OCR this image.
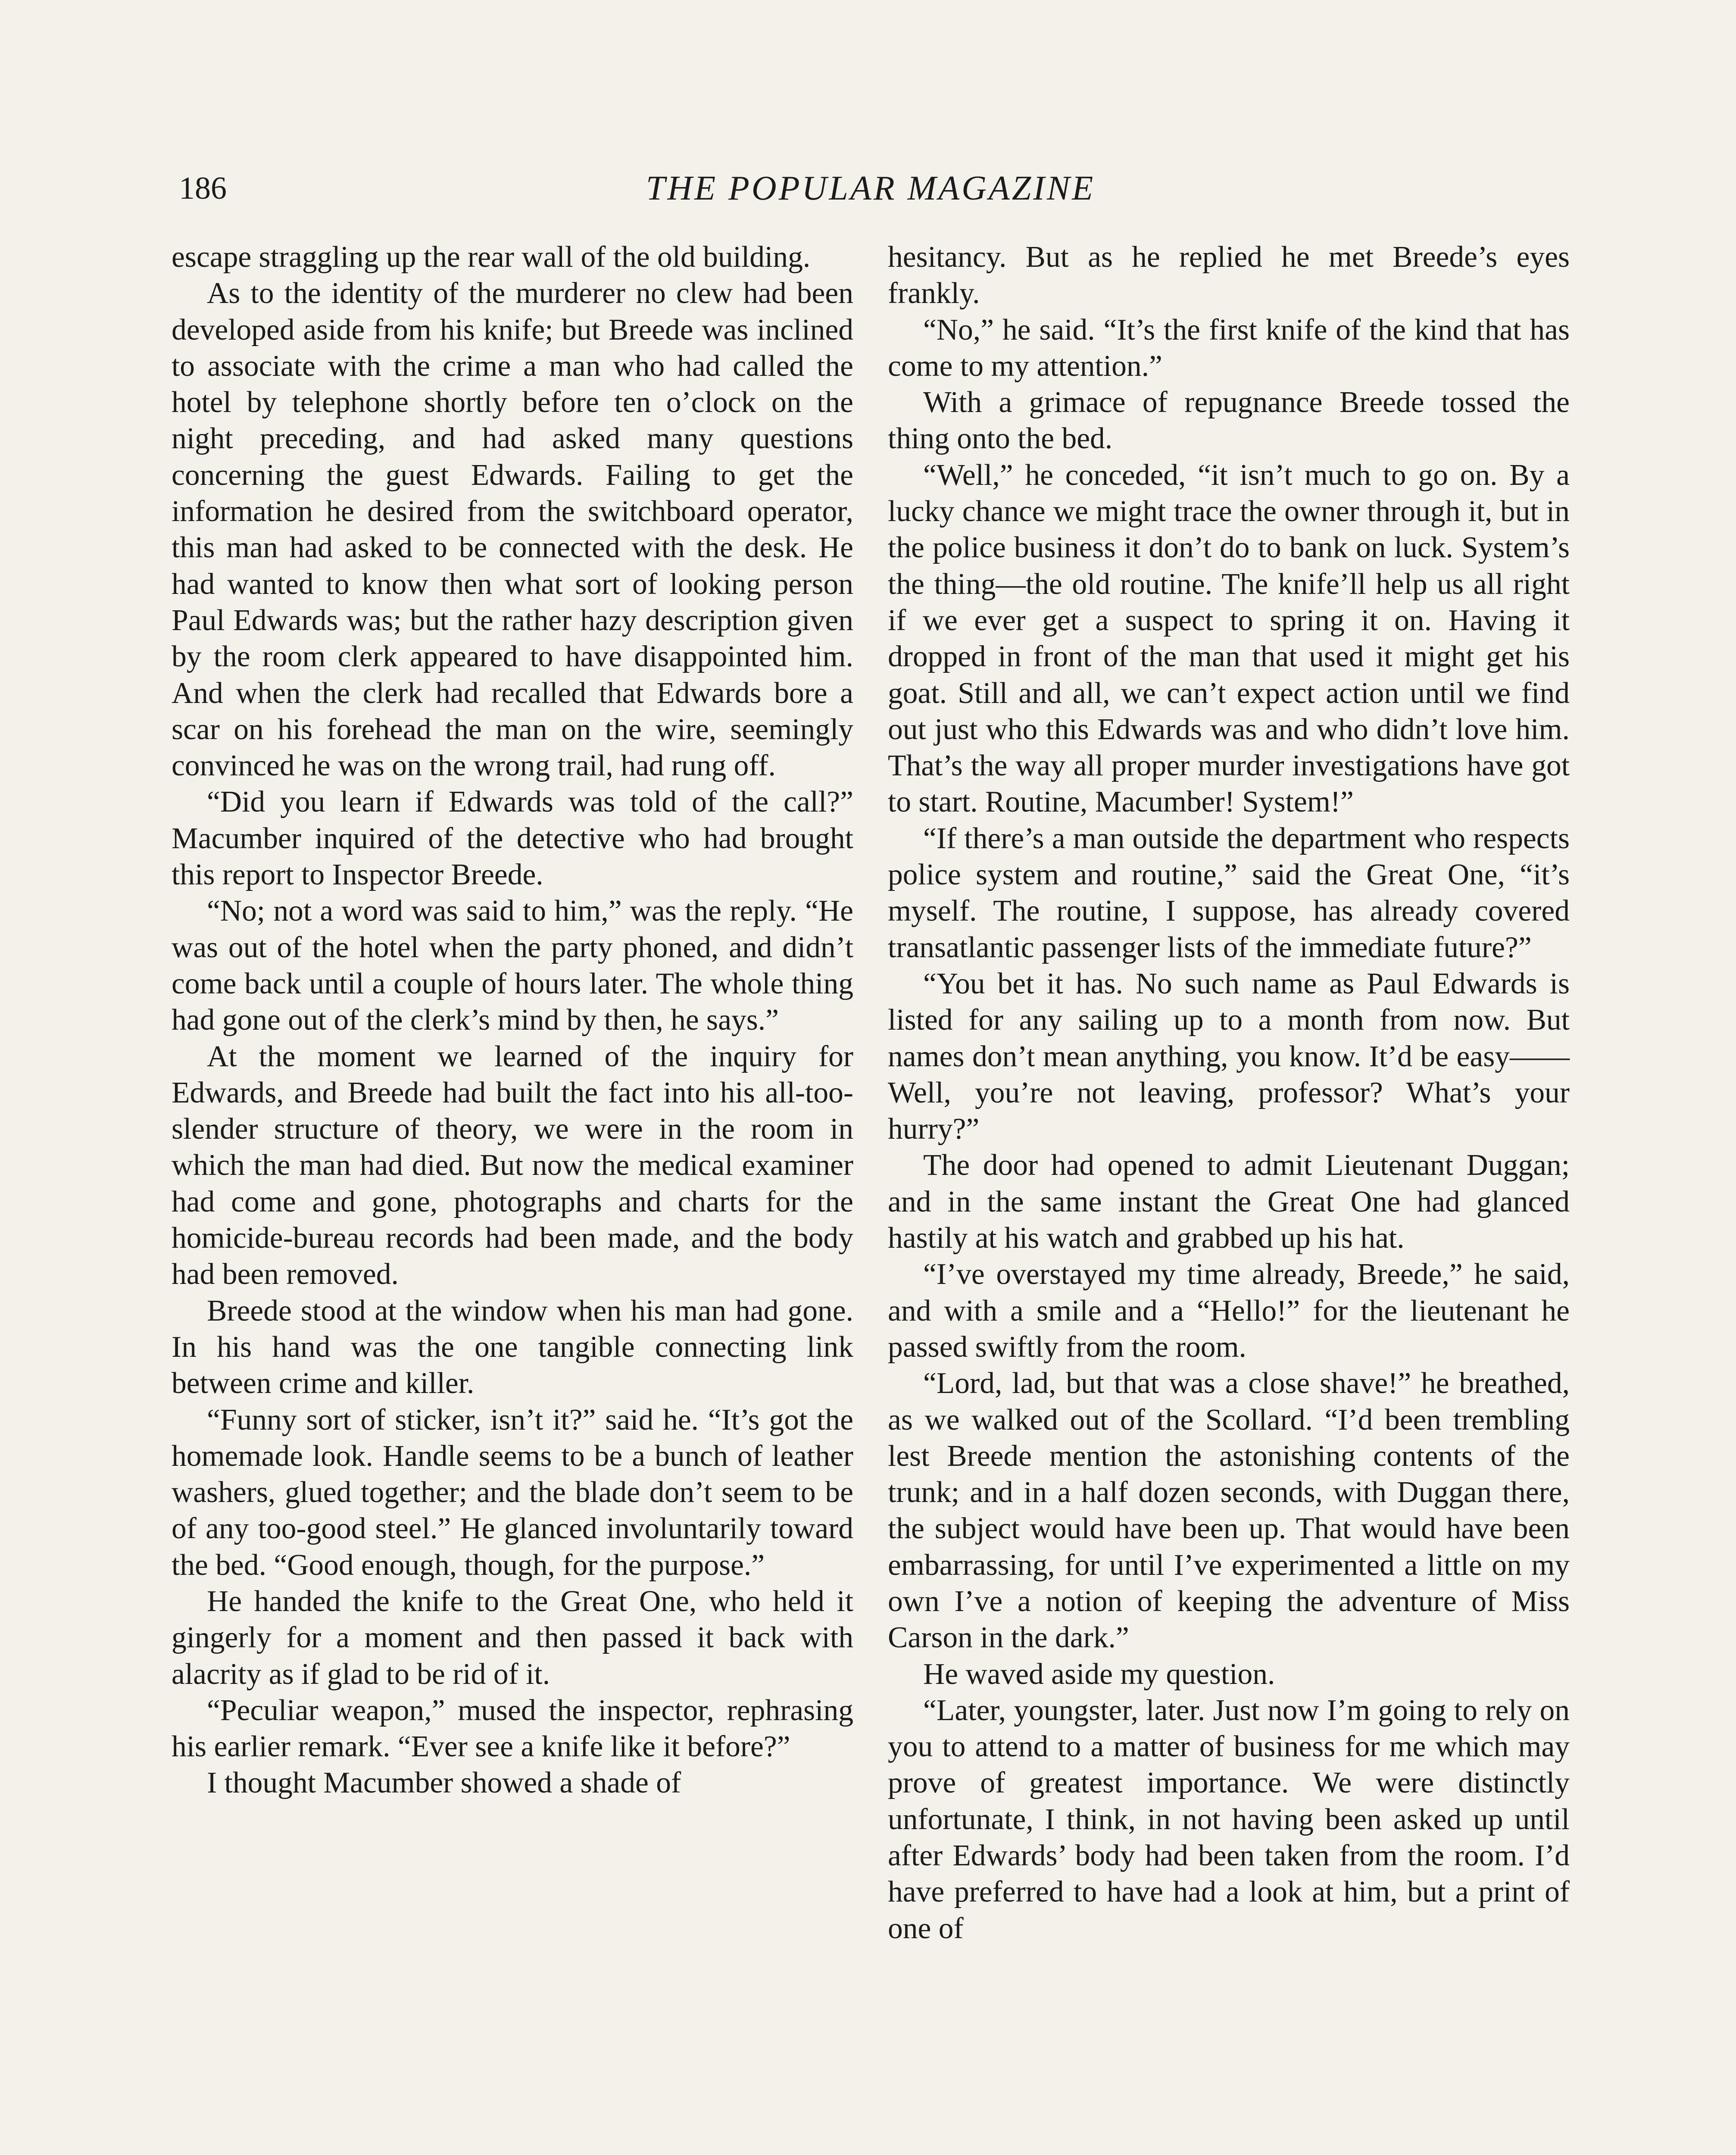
186	THE POPULAR MAGAZINE

escape straggling up the rear wall of the old building.

As to the identity of the murderer no clew had been developed aside from his knife; but Breede was inclined to associate with the crime a man who had called the hotel by telephone shortly before ten o’clock on the night preceding, and had asked many questions concerning the guest Edwards. Failing to get the information he desired from the switchboard operator, this man had asked to be connected with the desk. He had wanted to know then what sort of looking person Paul Edwards was; but the rather hazy description given by the room clerk appeared to have disappointed him. And when the clerk had recalled that Edwards bore a scar on his forehead the man on the wire, seemingly convinced he was on the wrong trail, had rung off.

“Did you learn if Edwards was told of the call?” Macumber inquired of the detective who had brought this report to Inspector Breede.

“No; not a word was said to him,” was the reply. “He was out of the hotel when the party phoned, and didn’t come back until a couple of hours later. The whole thing had gone out of the clerk’s mind by then, he says.”

At the moment we learned of the inquiry for Edwards, and Breede had built the fact into his all-too-slender structure of theory, we were in the room in which the man had died. But now the medical examiner had come and gone, photographs and charts for the homicide-bureau records had been made, and the body had been removed.

Breede stood at the window when his man had gone. In his hand was the one tangible connecting link between crime and killer.

“Funny sort of sticker, isn’t it?” said he. “It’s got the homemade look. Handle seems to be a bunch of leather washers, glued together; and the blade don’t seem to be of any too-good steel.” He glanced involuntarily toward the bed. “Good enough, though, for the purpose.”

He handed the knife to the Great One, who held it gingerly for a moment and then passed it back with alacrity as if glad to be rid of it.

“Peculiar weapon,” mused the inspector, rephrasing his earlier remark. “Ever see a knife like it before?”

I thought Macumber showed a shade of

hesitancy. But as he replied he met Breede’s eyes frankly.

“No,” he said. “It’s the first knife of the kind that has come to my attention.”

With a grimace of repugnance Breede tossed the thing onto the bed.

“Well,” he conceded, “it isn’t much to go on. By a lucky chance we might trace the owner through it, but in the police business it don’t do to bank on luck. System’s the thing—the old routine. The knife’ll help us all right if we ever get a suspect to spring it on. Having it dropped in front of the man that used it might get his goat. Still and all, we can’t expect action until we find out just who this Edwards was and who didn’t love him. That’s the way all proper murder investigations have got to start. Routine, Macumber! System!”

“If there’s a man outside the department who respects police system and routine,” said the Great One, “it’s myself. The routine, I suppose, has already covered transatlantic passenger lists of the immediate future?”

“You bet it has. No such name as Paul Edwards is listed for any sailing up to a month from now. But names don’t mean anything, you know. It’d be easy—— Well, you’re not leaving, professor? What’s your hurry?”

The door had opened to admit Lieutenant Duggan; and in the same instant the Great One had glanced hastily at his watch and grabbed up his hat.

“I’ve overstayed my time already, Breede,” he said, and with a smile and a “Hello!” for the lieutenant he passed swiftly from the room.

“Lord, lad, but that was a close shave!” he breathed, as we walked out of the Scollard. “I’d been trembling lest Breede mention the astonishing contents of the trunk; and in a half dozen seconds, with Duggan there, the subject would have been up. That would have been embarrassing, for until I’ve experimented a little on my own I’ve a notion of keeping the adventure of Miss Carson in the dark.”

He waved aside my question.

“Later, youngster, later. Just now I’m going to rely on you to attend to a matter of business for me which may prove of greatest importance. We were distinctly unfortunate, I think, in not having been asked up until after Edwards’ body had been taken from the room. I’d have preferred to have had a look at him, but a print of one of
